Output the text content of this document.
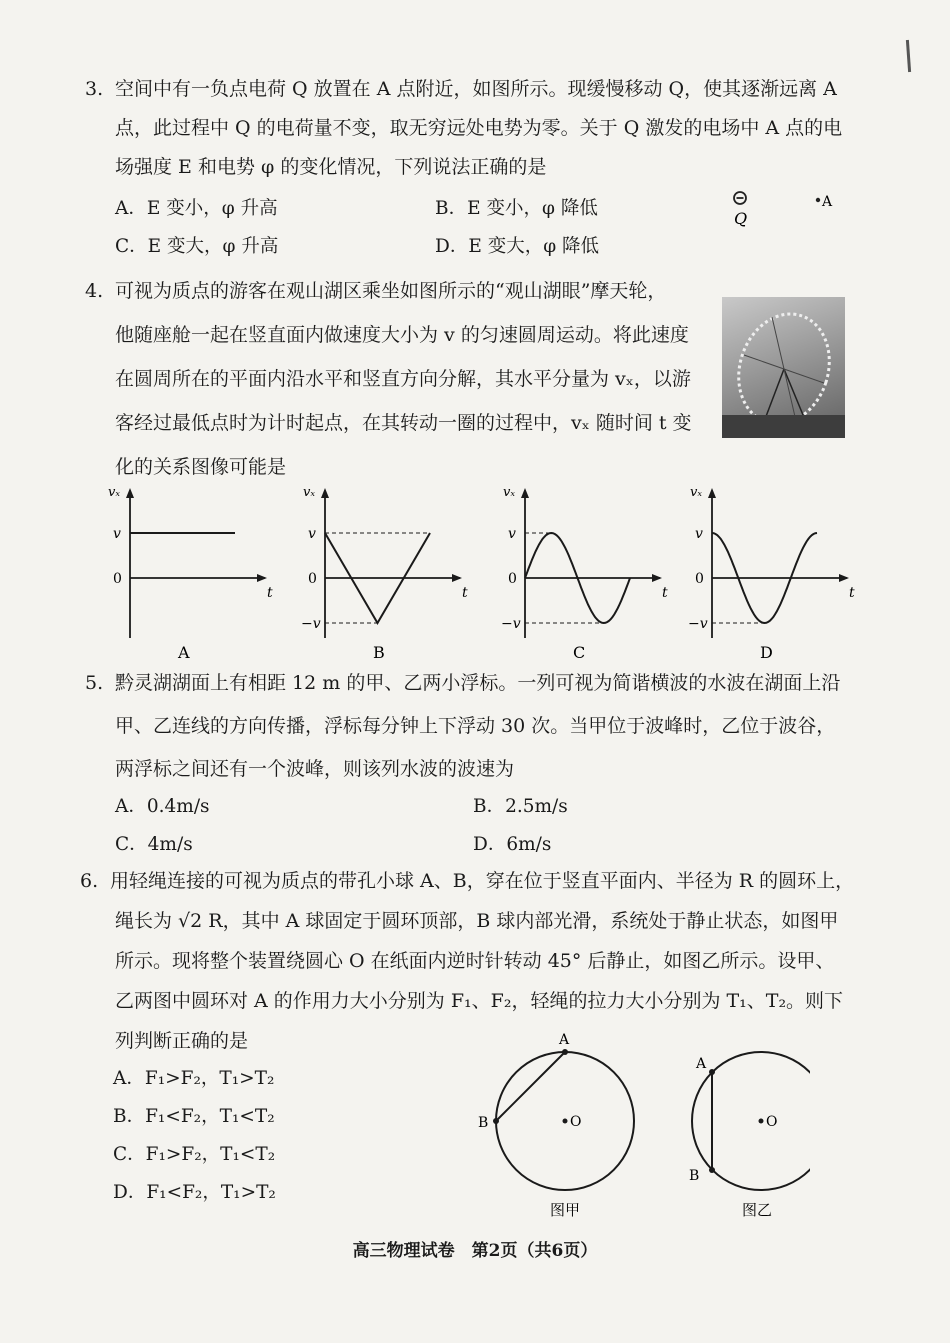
3. 空间中有一负点电荷 Q 放置在 A 点附近，如图所示。现缓慢移动 Q，使其逐渐远离 A
点，此过程中 Q 的电荷量不变，取无穷远处电势为零。关于 Q 激发的电场中 A 点的电
场强度 E 和电势 φ 的变化情况，下列说法正确的是
A．E 变小，φ 升高	B．E 变小，φ 降低
C．E 变大，φ 升高	D．E 变大，φ 降低
Q
A
4. 可视为质点的游客在观山湖区乘坐如图所示的“观山湖眼”摩天轮，
他随座舱一起在竖直面内做速度大小为 v 的匀速圆周运动。将此速度
在圆周所在的平面内沿水平和竖直方向分解，其水平分量为 vₓ，以游
客经过最低点时为计时起点，在其转动一圈的过程中，vₓ 随时间 t 变
化的关系图像可能是
vₓ
t
0
v
A
vₓ
t
0
v
−v
B
vₓ
t
0
v
−v
C
vₓ
t
0
v
−v
D
5. 黔灵湖湖面上有相距 12 m 的甲、乙两小浮标。一列可视为简谐横波的水波在湖面上沿
甲、乙连线的方向传播，浮标每分钟上下浮动 30 次。当甲位于波峰时，乙位于波谷，
两浮标之间还有一个波峰，则该列水波的波速为
A．0.4m/s	B．2.5m/s
C．4m/s	D．6m/s
6. 用轻绳连接的可视为质点的带孔小球 A、B，穿在位于竖直平面内、半径为 R 的圆环上，
绳长为 √2 R，其中 A 球固定于圆环顶部，B 球内部光滑，系统处于静止状态，如图甲
所示。现将整个装置绕圆心 O 在纸面内逆时针转动 45° 后静止，如图乙所示。设甲、
乙两图中圆环对 A 的作用力大小分别为 F₁、F₂，轻绳的拉力大小分别为 T₁、T₂。则下
列判断正确的是
A．F₁>F₂，T₁>T₂
B．F₁<F₂，T₁<T₂
C．F₁>F₂，T₁<T₂
D．F₁<F₂，T₁>T₂
A
B	O
图甲
A
B
O
图乙
高三物理试卷　第2页（共6页）
